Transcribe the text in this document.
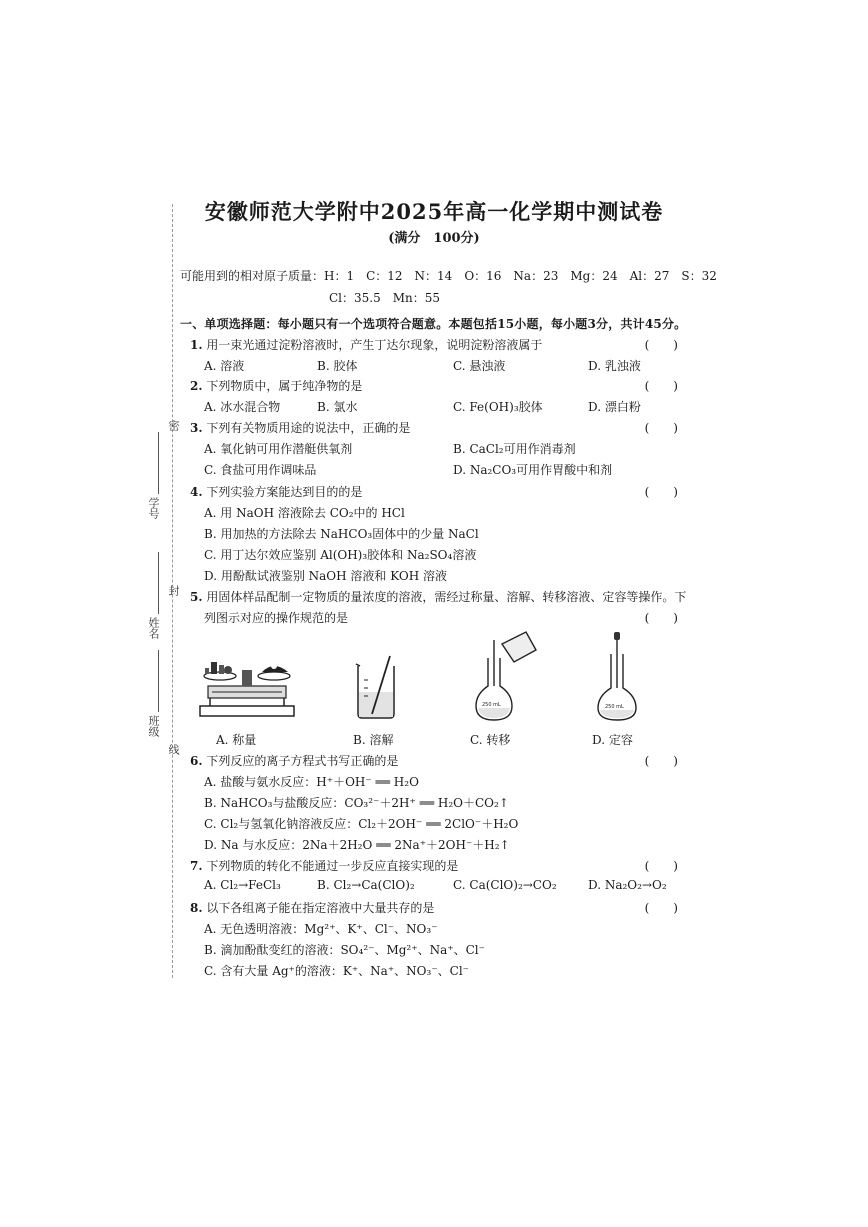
密
封
线
学号
姓名
班级
安徽师范大学附中2025年高一化学期中测试卷
(满分　100分)
可能用到的相对原子质量：H：1　C：12　N：14　O：16　Na：23　Mg：24　Al：27　S：32
Cl：35.5　Mn：55
一、单项选择题：每小题只有一个选项符合题意。本题包括15小题，每小题3分，共计45分。
1. 用一束光通过淀粉溶液时，产生丁达尔现象，说明淀粉溶液属于	(　　)
A. 溶液	B. 胶体	C. 悬浊液	D. 乳浊液
2. 下列物质中，属于纯净物的是	(　　)
A. 冰水混合物	B. 氯水	C. Fe(OH)₃胶体	D. 漂白粉
3. 下列有关物质用途的说法中，正确的是	(　　)
A. 氧化钠可用作潜艇供氧剂	B. CaCl₂可用作消毒剂
C. 食盐可用作调味品	D. Na₂CO₃可用作胃酸中和剂
4. 下列实验方案能达到目的的是	(　　)
A. 用 NaOH 溶液除去 CO₂中的 HCl
B. 用加热的方法除去 NaHCO₃固体中的少量 NaCl
C. 用丁达尔效应鉴别 Al(OH)₃胶体和 Na₂SO₄溶液
D. 用酚酞试液鉴别 NaOH 溶液和 KOH 溶液
5. 用固体样品配制一定物质的量浓度的溶液，需经过称量、溶解、转移溶液、定容等操作。下
列图示对应的操作规范的是	(　　)
250 mL	250 mL
A. 称量	B. 溶解	C. 转移	D. 定容
6. 下列反应的离子方程式书写正确的是	(　　)
A. 盐酸与氨水反应：H⁺＋OH⁻ ══ H₂O
B. NaHCO₃与盐酸反应：CO₃²⁻＋2H⁺ ══ H₂O＋CO₂↑
C. Cl₂与氢氧化钠溶液反应：Cl₂＋2OH⁻ ══ 2ClO⁻＋H₂O
D. Na 与水反应：2Na＋2H₂O ══ 2Na⁺＋2OH⁻＋H₂↑
7. 下列物质的转化不能通过一步反应直接实现的是	(　　)
A. Cl₂→FeCl₃	B. Cl₂→Ca(ClO)₂	C. Ca(ClO)₂→CO₂	D. Na₂O₂→O₂
8. 以下各组离子能在指定溶液中大量共存的是	(　　)
A. 无色透明溶液：Mg²⁺、K⁺、Cl⁻、NO₃⁻
B. 滴加酚酞变红的溶液：SO₄²⁻、Mg²⁺、Na⁺、Cl⁻
C. 含有大量 Ag⁺的溶液：K⁺、Na⁺、NO₃⁻、Cl⁻
